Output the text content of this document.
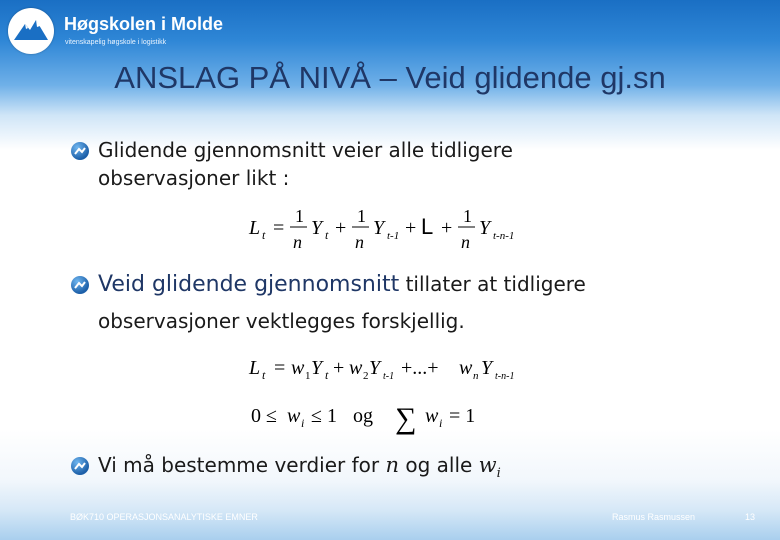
Høgskolen i Molde
vitenskapelig høgskole i logistikk
ANSLAG PÅ NIVÅ – Veid glidende gj.sn
Glidende gjennomsnitt veier alle tidligere
observasjoner likt :
L t =
1
n
Y t +
1
n
Y t-1 + L +
1
n
Y t-n-1
Veid glidende gjennomsnitt tillater at tidligere
observasjoner vektlegges forskjellig.
L t = w 1 Y t + w 2 Y t-1 +...+ w n Y t-n-1
0 ≤ w i ≤ 1 og ∑ w i = 1
Vi må bestemme verdier for n og alle $w_i$
BØK710 OPERASJONSANALYTISKE EMNER	Rasmus Rasmussen	13
